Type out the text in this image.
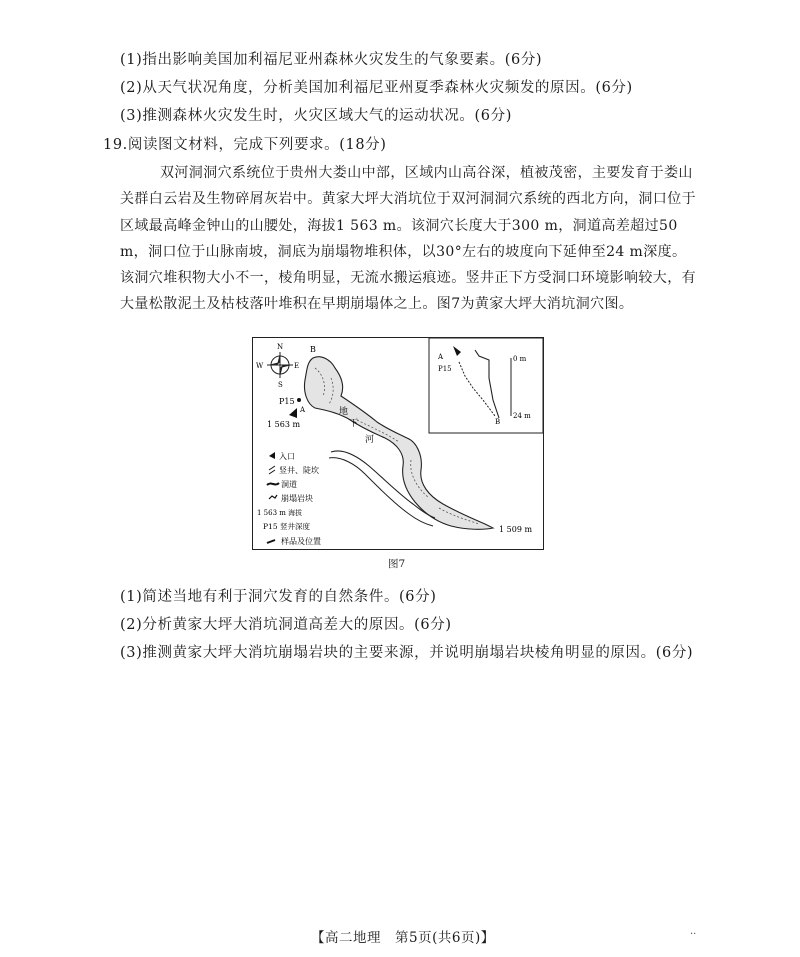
(1)指出影响美国加利福尼亚州森林火灾发生的气象要素。(6分)
(2)从天气状况角度，分析美国加利福尼亚州夏季森林火灾频发的原因。(6分)
(3)推测森林火灾发生时，火灾区域大气的运动状况。(6分)
19.阅读图文材料，完成下列要求。(18分)
双河洞洞穴系统位于贵州大娄山中部，区域内山高谷深，植被茂密，主要发育于娄山关群白云岩及生物碎屑灰岩中。黄家大坪大消坑位于双河洞洞穴系统的西北方向，洞口位于区域最高峰金钟山的山腰处，海拔1 563 m。该洞穴长度大于300 m，洞道高差超过50 m，洞口位于山脉南坡，洞底为崩塌物堆积体，以30°左右的坡度向下延伸至24 m深度。该洞穴堆积物大小不一，棱角明显，无流水搬运痕迹。竖井正下方受洞口环境影响较大，有大量松散泥土及枯枝落叶堆积在早期崩塌体之上。图7为黄家大坪大消坑洞穴图。
N
S
W	E
B
P15
A
1 563 m
地
下
河
1 509 m
入口
竖井、陡坎
洞道
崩塌岩块
1 563 m 海拔
P15 竖井深度
样品及位置
A
P15
B
0 m
24 m
图7
(1)简述当地有利于洞穴发育的自然条件。(6分)
(2)分析黄家大坪大消坑洞道高差大的原因。(6分)
(3)推测黄家大坪大消坑崩塌岩块的主要来源，并说明崩塌岩块棱角明显的原因。(6分)
【高二地理　第5页(共6页)】	··
